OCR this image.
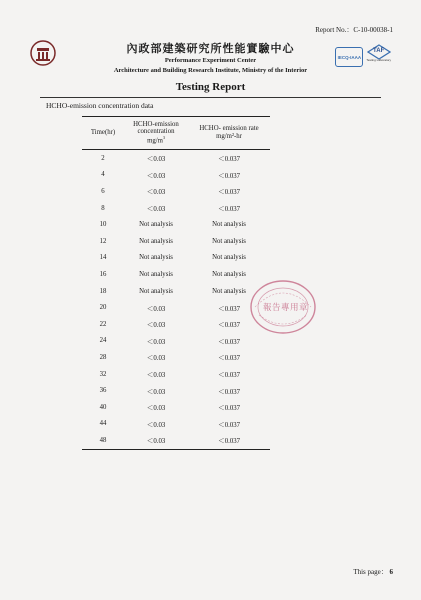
Report No.：C-10-00038-1
IECQ-IAAA
TAF
Testing Laboratory
內政部建築研究所性能實驗中心
Performance Experiment Center
Architecture and Building Research Institute, Ministry of the Interior
Testing Report
HCHO-emission concentration data
Time(hr)	HCHO-emission
concentration
$mg/m^3$	HCHO- emission rate
mg/m²-hr
2	＜0.03	＜0.037
4	＜0.03	＜0.037
6	＜0.03	＜0.037
8	＜0.03	＜0.037
10	Not analysis	Not analysis
12	Not analysis	Not analysis
14	Not analysis	Not analysis
16	Not analysis	Not analysis
18	Not analysis	Not analysis
20	＜0.03	＜0.037
22	＜0.03	＜0.037
24	＜0.03	＜0.037
28	＜0.03	＜0.037
32	＜0.03	＜0.037
36	＜0.03	＜0.037
40	＜0.03	＜0.037
44	＜0.03	＜0.037
48	＜0.03	＜0.037
報告專用章
This page： 6
